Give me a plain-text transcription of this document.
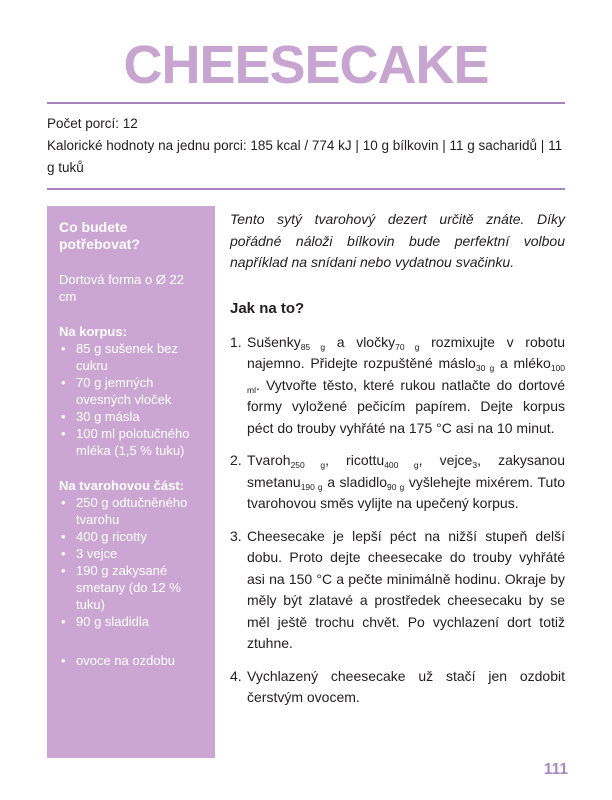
CHEESECAKE

Počet porcí: 12

Kalorické hodnoty na jednu porci: 185 kcal / 774 kJ | 10 g bílkovin | 11 g sacharidů | 11 g tuků

Co budete potřebovat?

Dortová forma o Ø 22 cm

Na korpus:
• 85 g sušenek bez cukru
• 70 g jemných ovesných vloček
• 30 g másla
• 100 ml polotučného mléka (1,5 % tuku)
Na tvarohovou část:
• 250 g odtučněného tvarohu
• 400 g ricotty
• 3 vejce
• 190 g zakysané smetany (do 12 % tuku)
• 90 g sladidla
• ovoce na ozdobu

Tento sytý tvarohový dezert určitě znáte. Díky pořádné náloži bílkovin bude perfektní volbou například na snídani nebo vydatnou svačinku.

Jak na to?
Sušenky$_{85 g}$ a vločky$_{70 g}$ rozmixujte v robotu najemno. Přidejte rozpuštěné máslo$_{30 g}$ a mléko$_{100 ml}$. Vytvořte těsto, které rukou natlačte do dortové formy vyložené pečicím papírem. Dejte korpus péct do trouby vyhřáté na 175 °C asi na 10 minut.
Tvaroh$_{250 g}$, ricottu$_{400 g}$, vejce$_3$, zakysanou smetanu$_{190 g}$ a sladidlo$_{90 g}$ vyšlehejte mixérem. Tuto tvarohovou směs vylijte na upečený korpus.
Cheesecake je lepší péct na nižší stupeň delší dobu. Proto dejte cheesecake do trouby vyhřáté asi na 150 °C a pečte minimálně hodinu. Okraje by měly být zlatavé a prostředek cheesecaku by se měl ještě trochu chvět. Po vychlazení dort totiž ztuhne.
Vychlazený cheesecake už stačí jen ozdobit čerstvým ovocem.
111
